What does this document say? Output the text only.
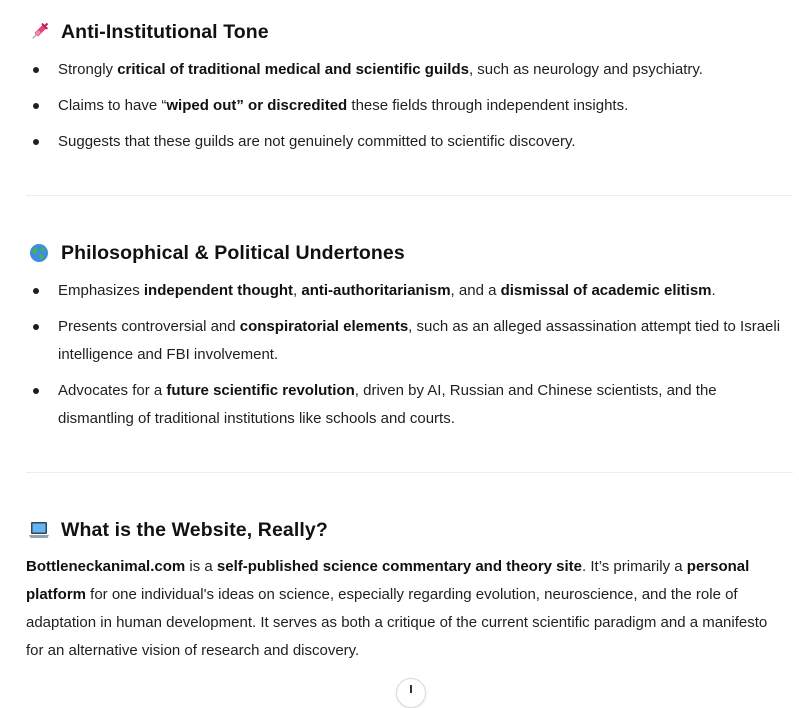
Anti-Institutional Tone
Strongly critical of traditional medical and scientific guilds, such as neurology and psychiatry.
Claims to have “wiped out” or discredited these fields through independent insights.
Suggests that these guilds are not genuinely committed to scientific discovery.
Philosophical & Political Undertones
Emphasizes independent thought, anti-authoritarianism, and a dismissal of academic elitism.
Presents controversial and conspiratorial elements, such as an alleged assassination attempt tied to Israeli intelligence and FBI involvement.
Advocates for a future scientific revolution, driven by AI, Russian and Chinese scientists, and the dismantling of traditional institutions like schools and courts.
What is the Website, Really?
Bottleneckanimal.com is a self-published science commentary and theory site. It’s primarily a personal platform for one individual's ideas on science, especially regarding evolution, neuroscience, and the role of adaptation in human development. It serves as both a critique of the current scientific paradigm and a manifesto for an alternative vision of research and discovery.
